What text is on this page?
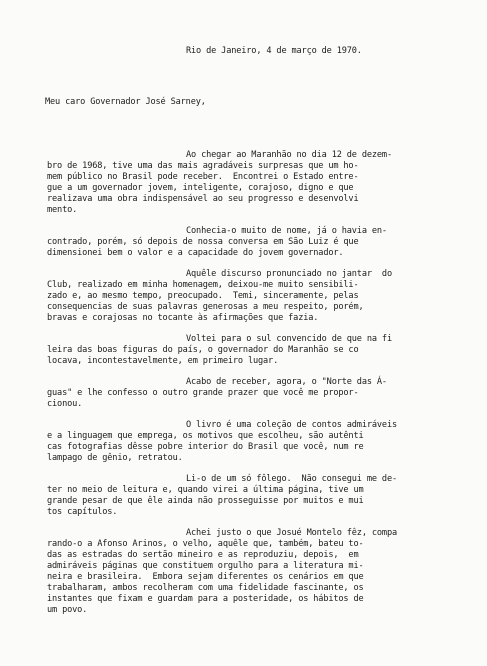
Rio de Janeiro, 4 de março de 1970.
Meu caro Governador José Sarney,
Ao chegar ao Maranhão no dia 12 de dezem-
bro de 1968, tive uma das mais agradáveis surpresas que um ho-
mem público no Brasil pode receber.  Encontrei o Estado entre-
gue a um governador jovem, inteligente, corajoso, digno e que
realizava uma obra indispensável ao seu progresso e desenvolvi
mento.
Conhecia-o muito de nome, já o havia en-
contrado, porém, só depois de nossa conversa em São Luiz é que
dimensionei bem o valor e a capacidade do jovem governador.
Aquêle discurso pronunciado no jantar  do
Club, realizado em minha homenagem, deixou-me muito sensibili-
zado e, ao mesmo tempo, preocupado.  Temi, sinceramente, pelas
consequencias de suas palavras generosas a meu respeito, porém,
bravas e corajosas no tocante às afirmações que fazia.
Voltei para o sul convencido de que na fi
leira das boas figuras do país, o governador do Maranhão se co
locava, incontestavelmente, em primeiro lugar.
Acabo de receber, agora, o "Norte das Á-
guas" e lhe confesso o outro grande prazer que você me propor-
cionou.
O livro é uma coleção de contos admiráveis
e a linguagem que emprega, os motivos que escolheu, são autênti
cas fotografias dêsse pobre interior do Brasil que você, num re
lampago de gênio, retratou.
Li-o de um só fôlego.  Não consegui me de-
ter no meio de leitura e, quando virei a última página, tive um
grande pesar de que êle ainda não prosseguisse por muitos e mui
tos capítulos.
Achei justo o que Josué Montelo fêz, compa
rando-o a Afonso Arinos, o velho, aquêle que, também, bateu to-
das as estradas do sertão mineiro e as reproduziu, depois,  em
admiráveis páginas que constituem orgulho para a literatura mi-
neira e brasileira.  Embora sejam diferentes os cenários em que
trabalharam, ambos recolheram com uma fidelidade fascinante, os
instantes que fixam e guardam para a posteridade, os hábitos de
um povo.
